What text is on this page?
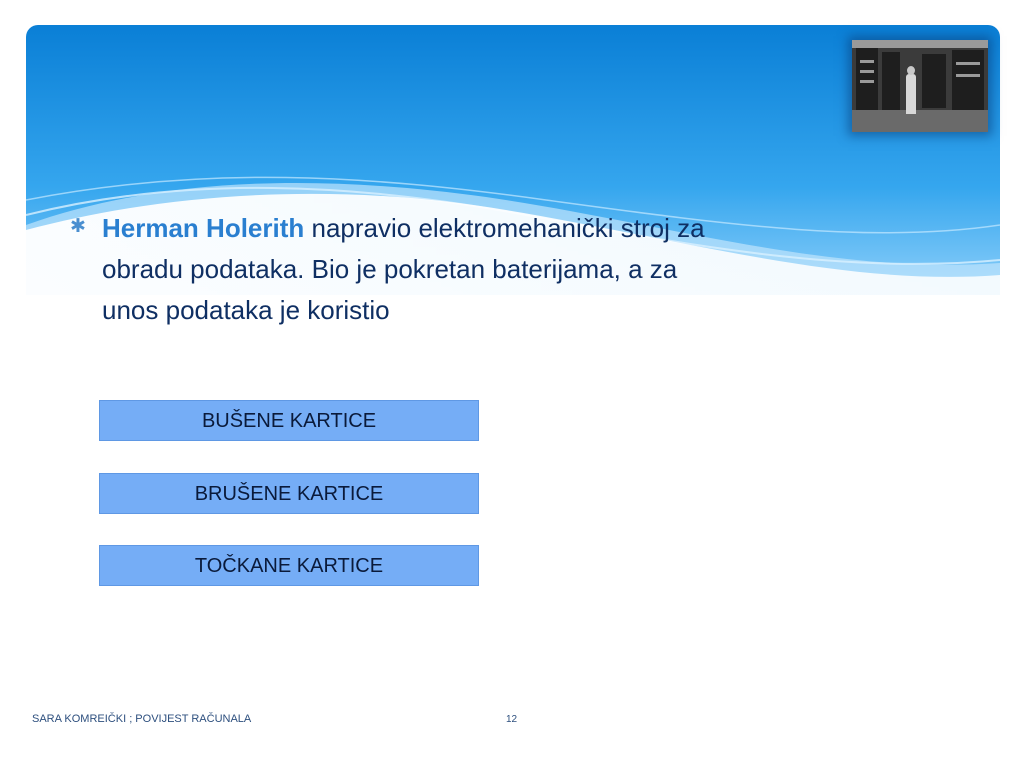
✱ Herman Holerith napravio elektromehanički stroj za obradu podataka. Bio je pokretan baterijama, a za unos podataka je koristio
BUŠENE KARTICE
BRUŠENE KARTICE
TOČKANE KARTICE
SARA KOMREIČKI ; POVIJEST RAČUNALA	12
